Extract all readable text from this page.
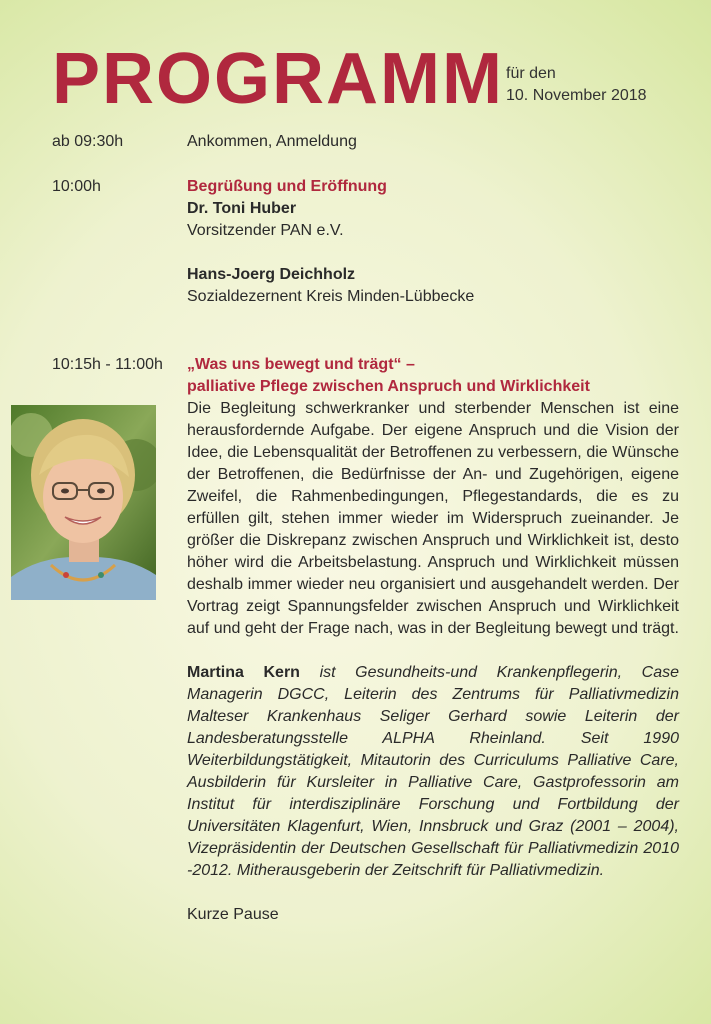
PROGRAMM für den
10. November 2018
ab 09:30h	Ankommen, Anmeldung
10:00h	Begrüßung und Eröffnung
Dr. Toni Huber
Vorsitzender PAN e.V.
Hans-Joerg Deichholz
Sozialdezernent Kreis Minden-Lübbecke
10:15h - 11:00h „Was uns bewegt und trägt“ –
palliative Pflege zwischen Anspruch und Wirklichkeit
Die Begleitung schwerkranker und sterbender Menschen ist eine herausfordernde Aufgabe. Der eigene Anspruch und die Vision der Idee, die Lebensqualität der Betroffenen zu verbessern, die Wünsche der Betroffenen, die Bedürfnisse der An- und Zugehörigen, eigene Zweifel, die Rahmenbedingungen, Pflegestandards, die es zu erfüllen gilt, stehen immer wieder im Widerspruch zueinander. Je größer die Diskrepanz zwischen Anspruch und Wirklichkeit ist, desto höher wird die Arbeitsbelastung. Anspruch und Wirklichkeit müssen deshalb immer wieder neu organisiert und ausgehandelt werden. Der Vortrag zeigt Spannungsfelder zwischen Anspruch und Wirklichkeit auf und geht der Frage nach, was in der Begleitung bewegt und trägt.
Martina Kern ist Gesundheits-und Krankenpflegerin, Case Managerin DGCC, Leiterin des Zentrums für Palliativmedizin Malteser Krankenhaus Seliger Gerhard sowie Leiterin der Landesberatungsstelle ALPHA Rheinland. Seit 1990 Weiterbildungstätigkeit, Mitautorin des Curriculums Palliative Care, Ausbilderin für Kursleiter in Palliative Care, Gastprofessorin am Institut für interdisziplinäre Forschung und Fortbildung der Universitäten Klagenfurt, Wien, Innsbruck und Graz (2001 – 2004), Vizepräsidentin der Deutschen Gesellschaft für Palliativmedizin 2010 -2012. Mitherausgeberin der Zeitschrift für Palliativmedizin.
Kurze Pause
